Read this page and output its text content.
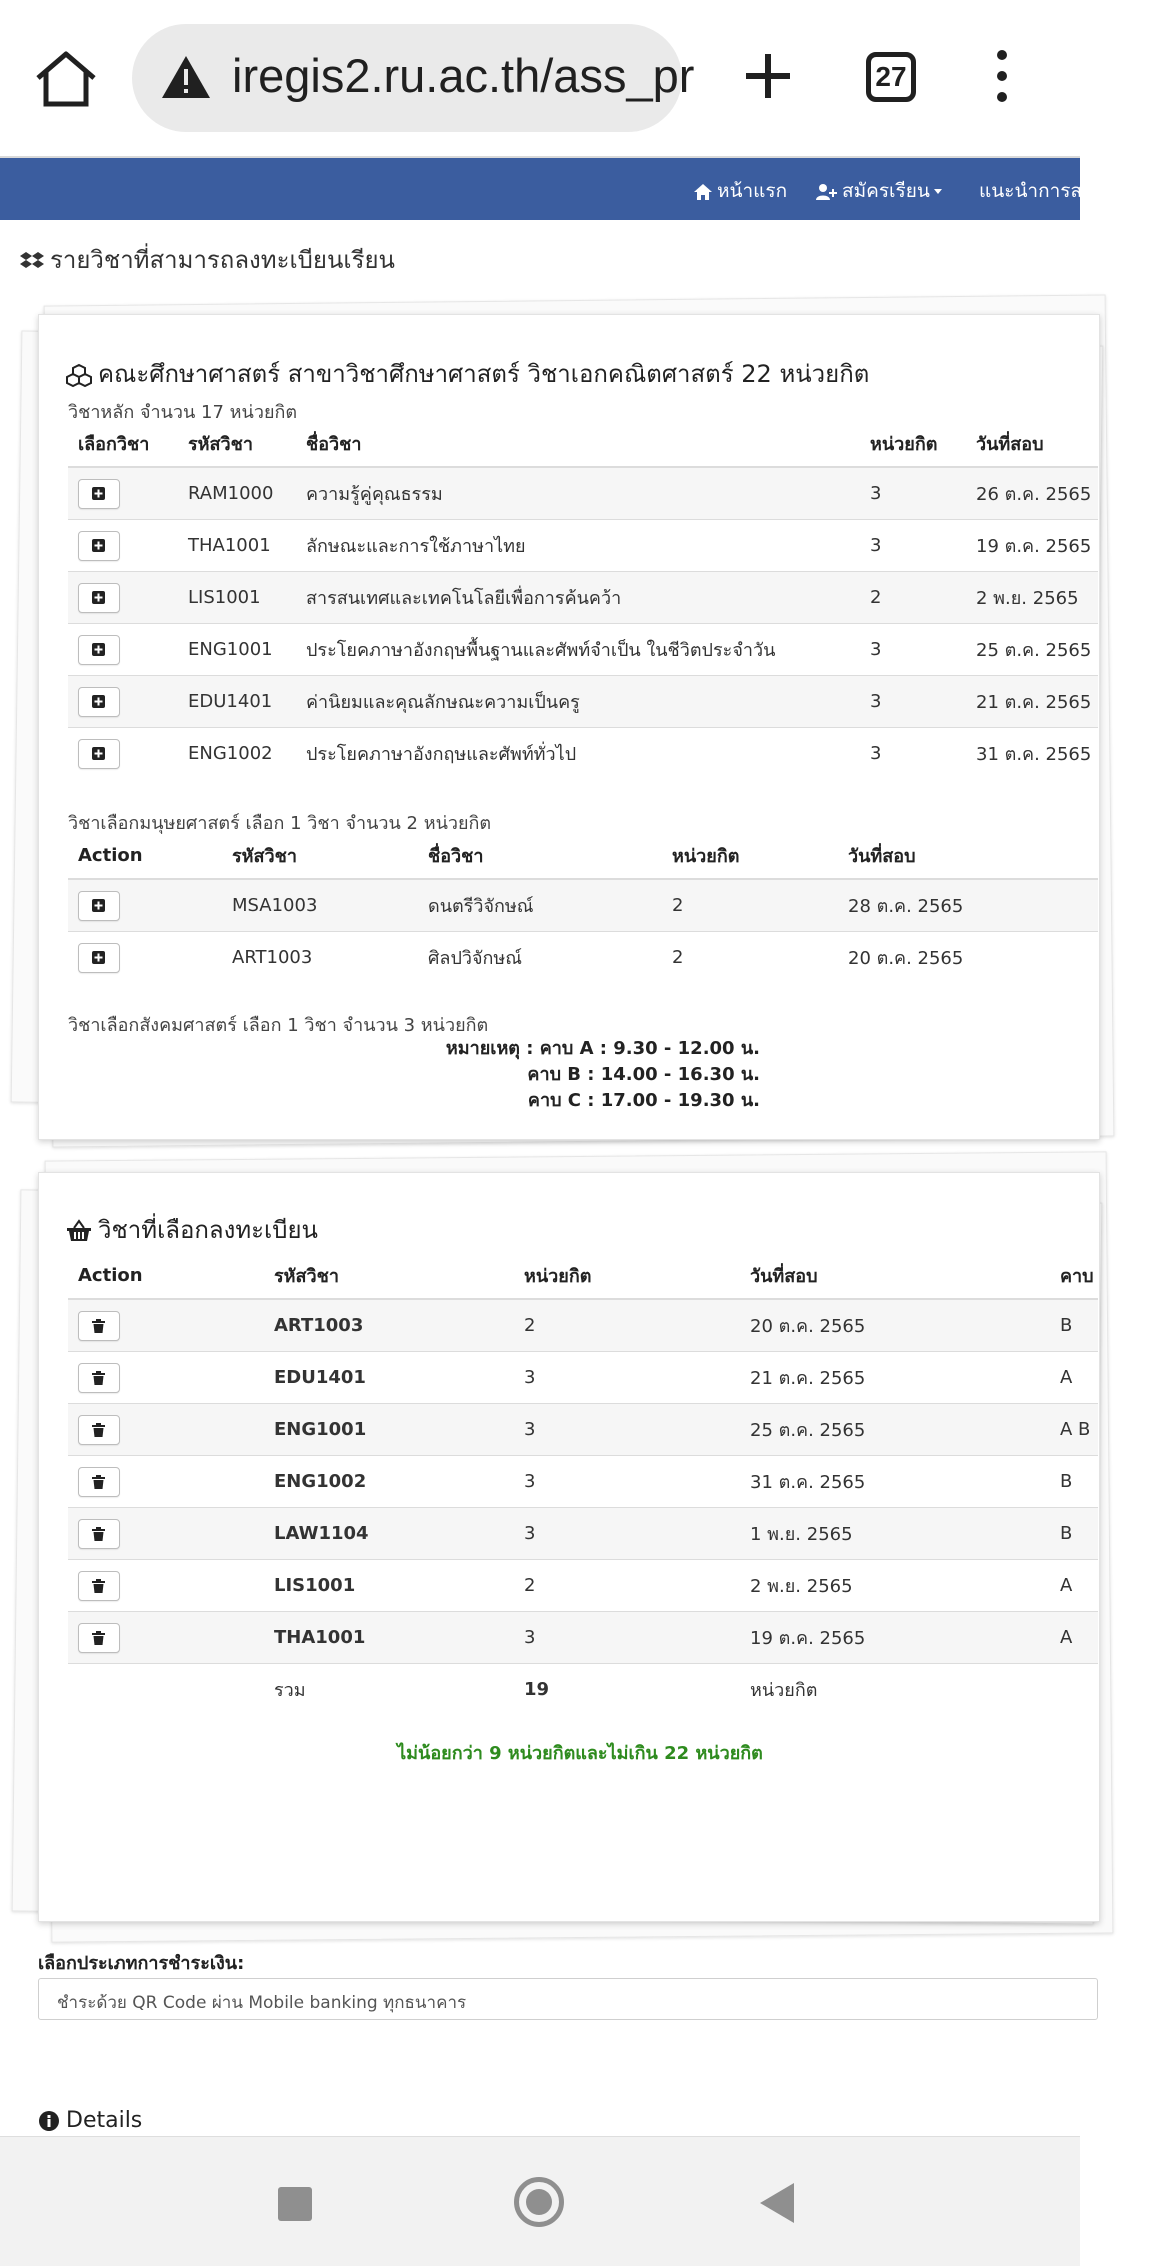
iregis2.ru.ac.th/ass_pr	27
หน้าแรก	สมัครเรียน	แนะนำการสมั
รายวิชาที่สามารถลงทะเบียนเรียน
คณะศึกษาศาสตร์ สาขาวิชาศึกษาศาสตร์ วิชาเอกคณิตศาสตร์ 22 หน่วยกิต
วิชาหลัก จำนวน 17 หน่วยกิต
เลือกวิชา	รหัสวิชา	ชื่อวิชา	หน่วยกิต	วันที่สอบ

	RAM1000	ความรู้คู่คุณธรรม	3	26 ต.ค. 2565

	THA1001	ลักษณะและการใช้ภาษาไทย	3	19 ต.ค. 2565

	LIS1001	สารสนเทศและเทคโนโลยีเพื่อการค้นคว้า	2	2 พ.ย. 2565

	ENG1001	ประโยคภาษาอังกฤษพื้นฐานและศัพท์จำเป็น ในชีวิตประจำวัน	3	25 ต.ค. 2565

	EDU1401	ค่านิยมและคุณลักษณะความเป็นครู	3	21 ต.ค. 2565

	ENG1002	ประโยคภาษาอังกฤษและศัพท์ทั่วไป	3	31 ต.ค. 2565
วิชาเลือกมนุษยศาสตร์ เลือก 1 วิชา จำนวน 2 หน่วยกิต
Action	รหัสวิชา	ชื่อวิชา	หน่วยกิต	วันที่สอบ

	MSA1003	ดนตรีวิจักษณ์	2	28 ต.ค. 2565

	ART1003	ศิลปวิจักษณ์	2	20 ต.ค. 2565
วิชาเลือกสังคมศาสตร์ เลือก 1 วิชา จำนวน 3 หน่วยกิต
หมายเหตุ : คาบ A : 9.30 - 12.00 น.
คาบ B : 14.00 - 16.30 น.
คาบ C : 17.00 - 19.30 น.
วิชาที่เลือกลงทะเบียน
Action	รหัสวิชา	หน่วยกิต	วันที่สอบ	คาบ

	ART1003	2	20 ต.ค. 2565	B

	EDU1401	3	21 ต.ค. 2565	A

	ENG1001	3	25 ต.ค. 2565	A B

	ENG1002	3	31 ต.ค. 2565	B

	LAW1104	3	1 พ.ย. 2565	B

	LIS1001	2	2 พ.ย. 2565	A

	THA1001	3	19 ต.ค. 2565	A
	รวม	19	หน่วยกิต	
ไม่น้อยกว่า 9 หน่วยกิตและไม่เกิน 22 หน่วยกิต
เลือกประเภทการชำระเงิน:
ชำระด้วย QR Code ผ่าน Mobile banking ทุกธนาคาร
Details
